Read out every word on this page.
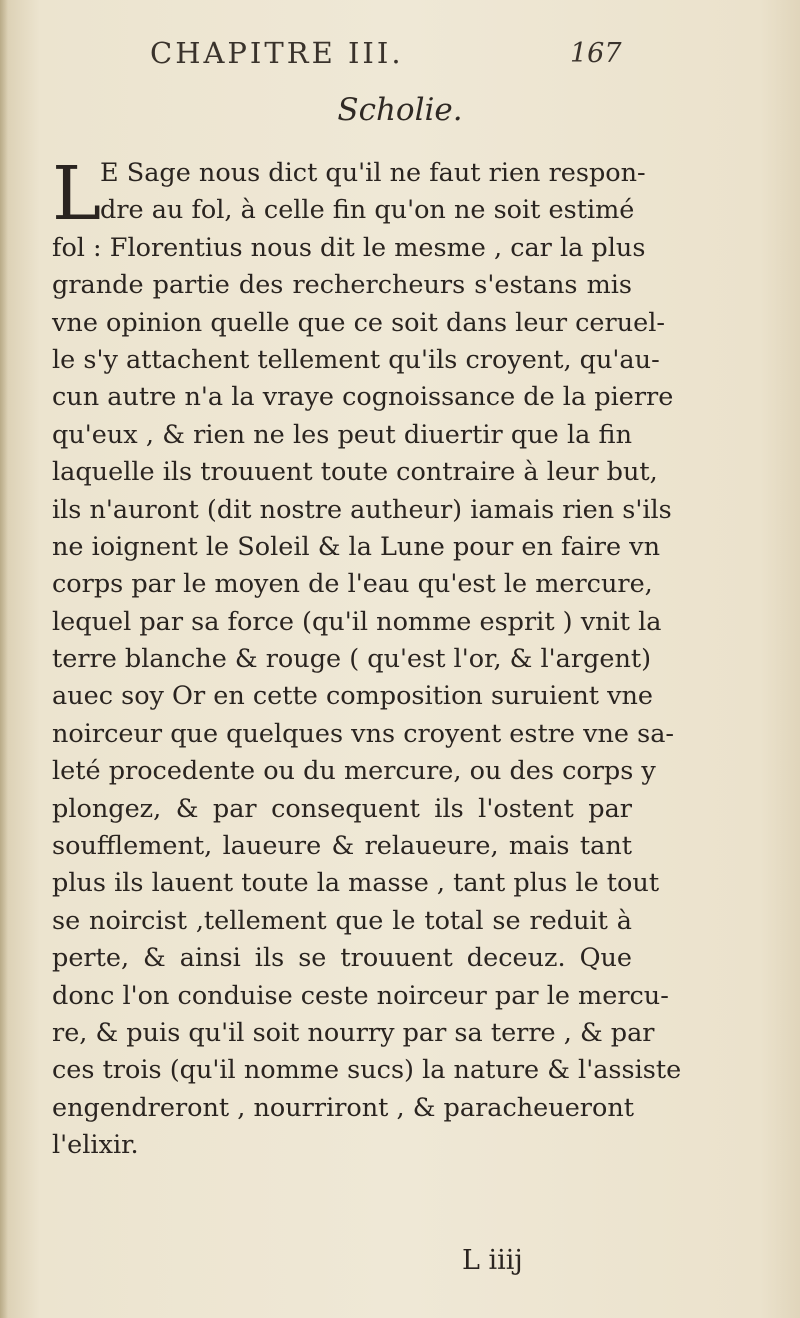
CHAPITRE III.	167
Scholie.
L
E Sage nous dict qu'il ne faut rien respon-
dre au fol, à celle fin qu'on ne soit estimé
fol : Florentius nous dit le mesme , car la plus
grande partie des rechercheurs s'estans mis
vne opinion quelle que ce soit dans leur ceruel-
le s'y attachent tellement qu'ils croyent, qu'au-
cun autre n'a la vraye cognoissance de la pierre
qu'eux , & rien ne les peut diuertir que la fin
laquelle ils trouuent toute contraire à leur but,
ils n'auront (dit nostre autheur) iamais rien s'ils
ne ioignent le Soleil & la Lune pour en faire vn
corps par le moyen de l'eau qu'est le mercure,
lequel par sa force (qu'il nomme esprit ) vnit la
terre blanche & rouge ( qu'est l'or, & l'argent)
auec soy Or en cette composition suruient vne
noirceur que quelques vns croyent estre vne sa-
leté procedente ou du mercure, ou des corps y
plongez, & par consequent ils l'ostent par
soufflement, laueure & relaueure, mais tant
plus ils lauent toute la masse , tant plus le tout
se noircist ,tellement que le total se reduit à
perte, & ainsi ils se trouuent deceuz. Que
donc l'on conduise ceste noirceur par le mercu-
re, & puis qu'il soit nourry par sa terre , & par
ces trois (qu'il nomme sucs) la nature & l'assiste
engendreront , nourriront , & paracheueront
l'elixir.
L iiij
